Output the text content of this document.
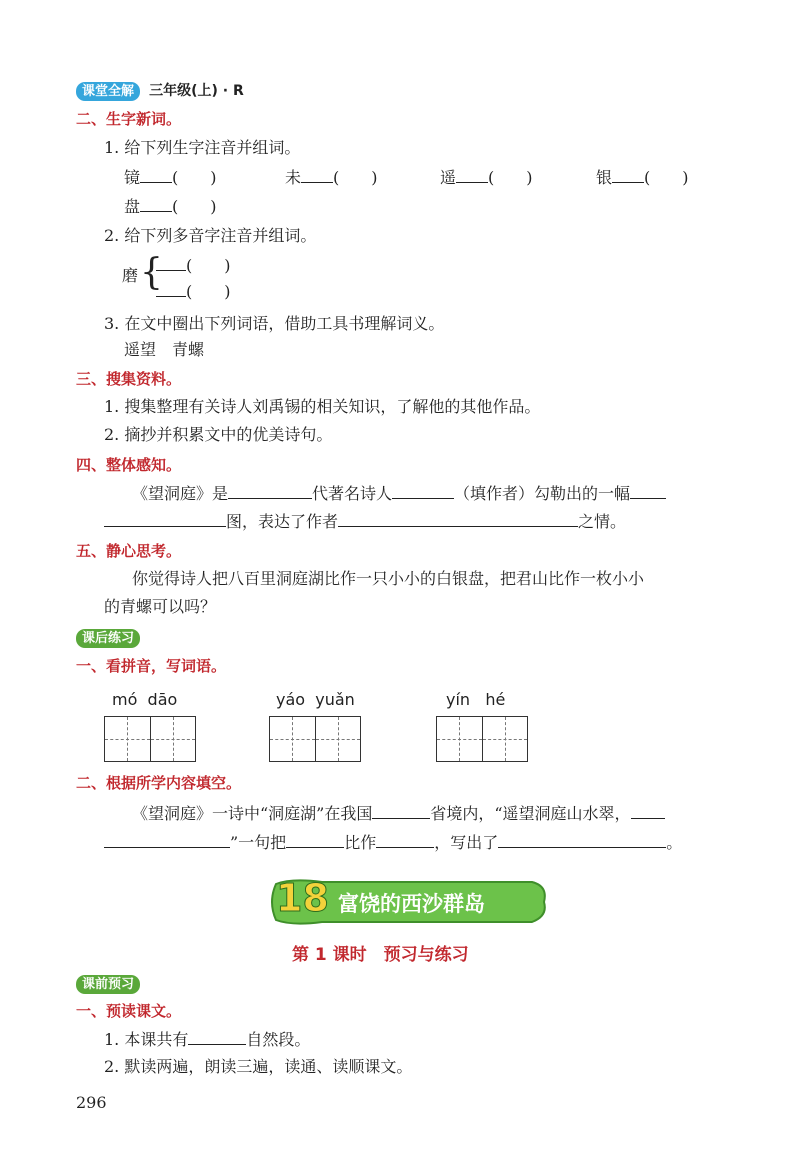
课堂全解 三年级(上) · R
二、生字新词。
1. 给下列生字注音并组词。
镜 (　　)	未 (　　)	遥 (　　)	银 (　　)
盘 (　　)
2. 给下列多音字注音并组词。
磨 {	(　　)
(　　)
3. 在文中圈出下列词语，借助工具书理解词义。
遥望　青螺
三、搜集资料。
1. 搜集整理有关诗人刘禹锡的相关知识，了解他的其他作品。
2. 摘抄并积累文中的优美诗句。
四、整体感知。
《望洞庭》是	代著名诗人	（填作者）勾勒出的一幅
图，表达了作者	之情。
五、静心思考。
你觉得诗人把八百里洞庭湖比作一只小小的白银盘，把君山比作一枚小小
的青螺可以吗？
课后练习
一、看拼音，写词语。
mó dāo	yáo yuǎn	yín hé
二、根据所学内容填空。
《望洞庭》一诗中“洞庭湖”在我国	省境内，“遥望洞庭山水翠，
”一句把	比作	，写出了	。
18 富饶的西沙群岛
第 1 课时　预习与练习
课前预习
一、预读课文。
1. 本课共有	自然段。
2. 默读两遍，朗读三遍，读通、读顺课文。
296
